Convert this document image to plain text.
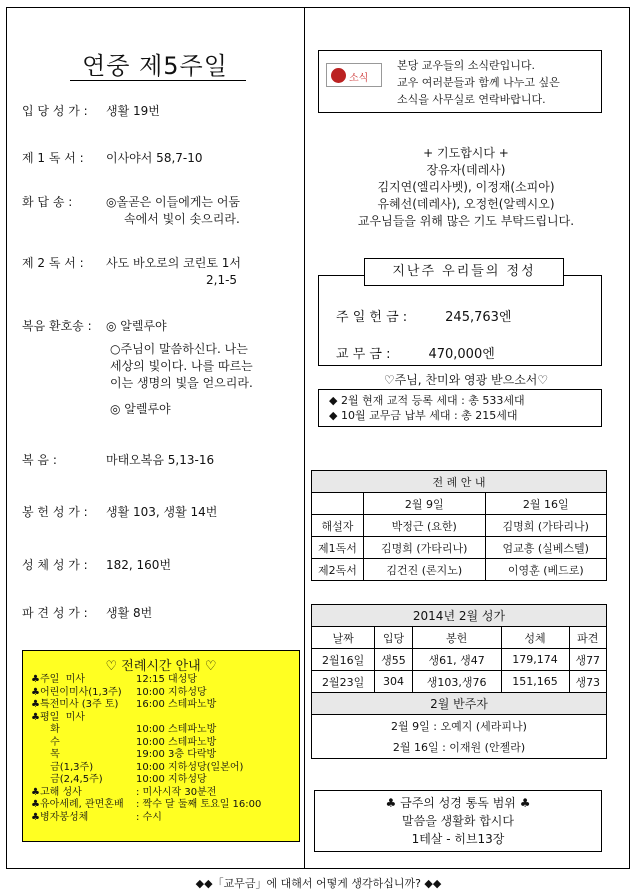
연중 제5주일
입 당 성 가 : 생활 19번
제 1 독 서 : 이사야서 58,7-10
화 답 송 :	◎올곧은 이들에게는 어둠
속에서 빛이 솟으리라.
제 2 독 서 : 사도 바오로의 코린토 1서
2,1-5
복음 환호송 : ◎ 알렐루야
○주님이 말씀하신다. 나는
세상의 빛이다. 나를 따르는
이는 생명의 빛을 얻으리라.
◎ 알렐루야
복 음 :	마태오복음 5,13-16
봉 헌 성 가 : 생활 103, 생활 14번
성 체 성 가 : 182, 160번
파 견 성 가 : 생활 8번
♡ 전례시간 안내 ♡
♣주일  미사	12:15 대성당
♣어린이미사(1,3주) 10:00 지하성당
♣특전미사 (3주 토) 16:00 스테파노방
♣평일  미사
화	10:00 스테파노방
수	10:00 스테파노방
목	19:00 3층 다락방
금(1,3주)	10:00 지하성당(일본어)
금(2,4,5주)	10:00 지하성당
♣고해 성사	: 미사시작 30분전
♣유아세례, 관면혼배 : 짝수 달 둘째 토요일 16:00
♣병자봉성체	: 수시
소식
본당 교우들의 소식란입니다.
교우 여러분들과 함께 나누고 싶은
소식을 사무실로 연락바랍니다.
+ 기도합시다 +
장유자(데레사)
김지연(엘리사벳), 이정재(소피아)
유혜선(데레사), 오정헌(알렉시오)
교우님들을 위해 많은 기도 부탁드립니다.
지난주 우리들의 정성
주 일 헌 금 :	245,763엔
교 무 금 :	470,000엔
♡주님, 찬미와 영광 받으소서♡
◆ 2월 현재 교적 등록 세대 : 총 533세대
◆ 10월 교무금 납부 세대 : 총 215세대
전 례 안 내		
	2월 9일	2월 16일
해설자	박정근 (요한)	김명희 (가타리나)
제1독서	김명희 (가타리나)	엄교흥 (실베스텔)
제2독서	김건진 (론지노)	이영훈 (베드로)
2014년 2월 성가				
날짜	입당	봉헌	성체	파견
2월16일	생55	생61, 생47	179,174	생77
2월23일	304	생103,생76	151,165	생73
2월 반주자				
2월 9일 : 오예지 (세라피나)				
2월 16일 : 이재원 (안젤라)				
♣ 금주의 성경 통독 범위 ♣
말씀을 생활화 합시다
1테살 - 히브13장
◆◆「교무금」에 대해서 어떻게 생각하십니까? ◆◆
